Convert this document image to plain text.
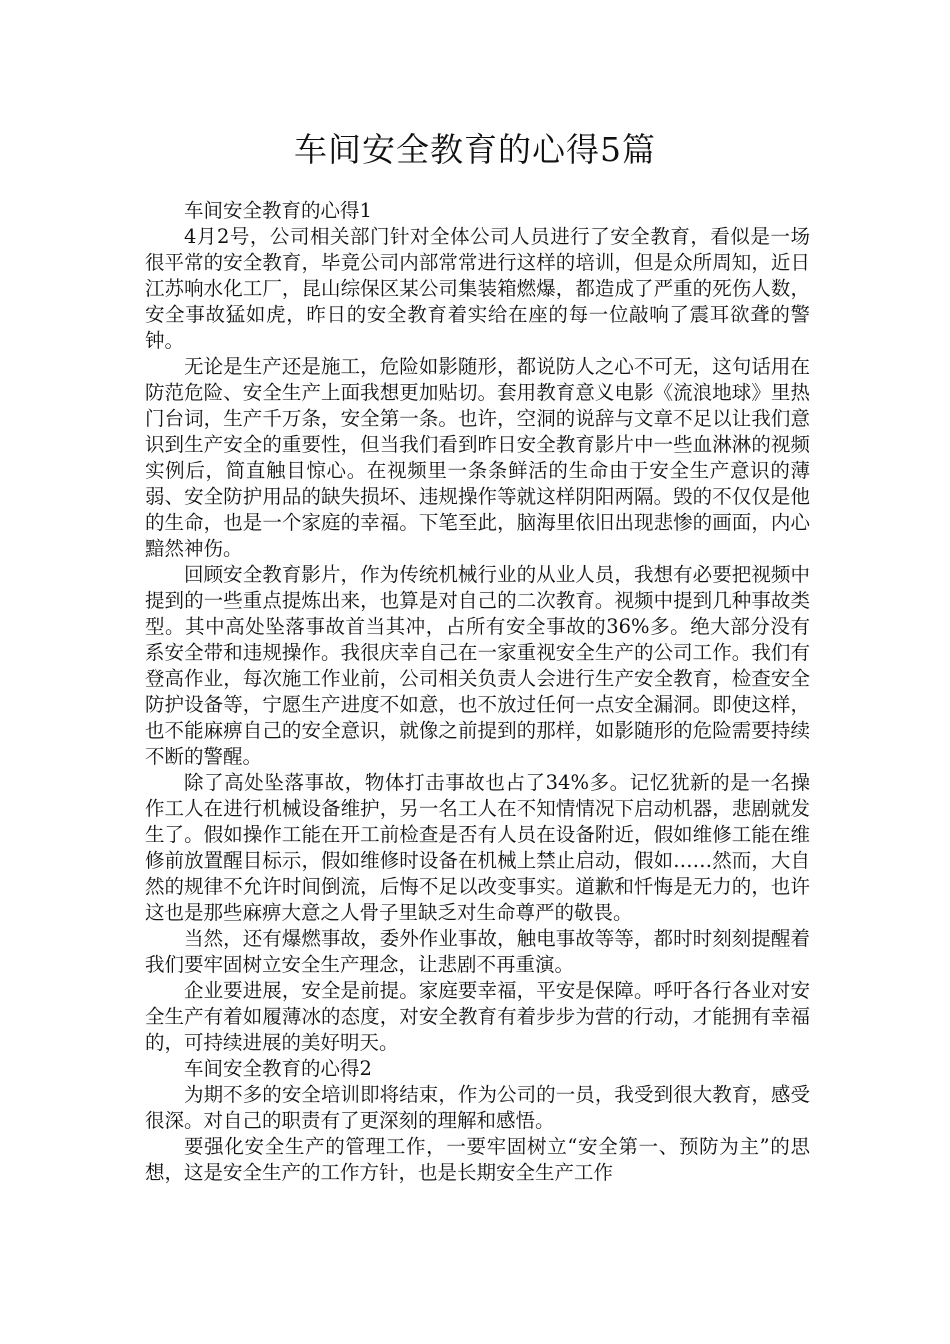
车间安全教育的心得5篇

车间安全教育的心得1

4月2号，公司相关部门针对全体公司人员进行了安全教育，看似是一场很平常的安全教育，毕竟公司内部常常进行这样的培训，但是众所周知，近日江苏响水化工厂，昆山综保区某公司集装箱燃爆，都造成了严重的死伤人数，安全事故猛如虎，昨日的安全教育着实给在座的每一位敲响了震耳欲聋的警钟。

无论是生产还是施工，危险如影随形，都说防人之心不可无，这句话用在防范危险、安全生产上面我想更加贴切。套用教育意义电影《流浪地球》里热门台词，生产千万条，安全第一条。也许，空洞的说辞与文章不足以让我们意识到生产安全的重要性，但当我们看到昨日安全教育影片中一些血淋淋的视频实例后，简直触目惊心。在视频里一条条鲜活的生命由于安全生产意识的薄弱、安全防护用品的缺失损坏、违规操作等就这样阴阳两隔。毁的不仅仅是他的生命，也是一个家庭的幸福。下笔至此，脑海里依旧出现悲惨的画面，内心黯然神伤。

回顾安全教育影片，作为传统机械行业的从业人员，我想有必要把视频中提到的一些重点提炼出来，也算是对自己的二次教育。视频中提到几种事故类型。其中高处坠落事故首当其冲，占所有安全事故的36%多。绝大部分没有系安全带和违规操作。我很庆幸自己在一家重视安全生产的公司工作。我们有登高作业，每次施工作业前，公司相关负责人会进行生产安全教育，检查安全防护设备等，宁愿生产进度不如意，也不放过任何一点安全漏洞。即使这样，也不能麻痹自己的安全意识，就像之前提到的那样，如影随形的危险需要持续不断的警醒。

除了高处坠落事故，物体打击事故也占了34%多。记忆犹新的是一名操作工人在进行机械设备维护，另一名工人在不知情情况下启动机器，悲剧就发生了。假如操作工能在开工前检查是否有人员在设备附近，假如维修工能在维修前放置醒目标示，假如维修时设备在机械上禁止启动，假如……然而，大自然的规律不允许时间倒流，后悔不足以改变事实。道歉和忏悔是无力的，也许这也是那些麻痹大意之人骨子里缺乏对生命尊严的敬畏。

当然，还有爆燃事故，委外作业事故，触电事故等等，都时时刻刻提醒着我们要牢固树立安全生产理念，让悲剧不再重演。

企业要进展，安全是前提。家庭要幸福，平安是保障。呼吁各行各业对安全生产有着如履薄冰的态度，对安全教育有着步步为营的行动，才能拥有幸福的，可持续进展的美好明天。

车间安全教育的心得2

为期不多的安全培训即将结束，作为公司的一员，我受到很大教育，感受很深。对自己的职责有了更深刻的理解和感悟。

要强化安全生产的管理工作，一要牢固树立“安全第一、预防为主”的思想，这是安全生产的工作方针，也是长期安全生产工作
